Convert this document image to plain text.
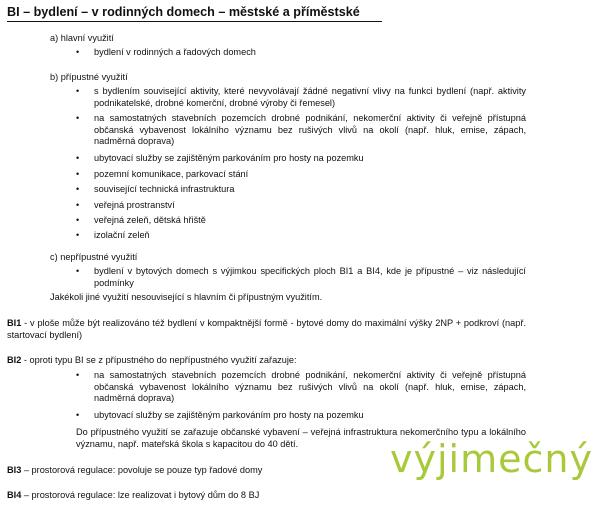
BI – bydlení – v rodinných domech – městské a příměstské
a) hlavní využití
• bydlení v rodinných a řadových domech
b) přípustné využití
• s bydlením související aktivity, které nevyvolávají žádné negativní vlivy na funkci bydlení (např. aktivity podnikatelské, drobné komerční, drobné výroby či řemesel)
• na samostatných stavebních pozemcích drobné podnikání, nekomerční aktivity či veřejně přístupná občanská vybavenost lokálního významu bez rušivých vlivů na okolí (např. hluk, emise, zápach, nadměrná doprava)
• ubytovací služby se zajištěným parkováním pro hosty na pozemku
• pozemní komunikace, parkovací stání
• související technická infrastruktura
• veřejná prostranství
• veřejná zeleň, dětská hřiště
• izolační zeleň
c) nepřípustné využití
• bydlení v bytových domech s výjimkou specifických ploch BI1 a BI4, kde je přípustné – viz následující podmínky
Jakékoli jiné využití nesouvisející s hlavním či přípustným využitím.
BI1 - v ploše může být realizováno též bydlení v kompaktnější formě - bytové domy do maximální výšky 2NP + podkroví (např. startovací bydlení)
BI2 - oproti typu BI se z přípustného do nepřípustného využití zařazuje:
• na samostatných stavebních pozemcích drobné podnikání, nekomerční aktivity či veřejně přístupná občanská vybavenost lokálního významu bez rušivých vlivů na okolí (např. hluk, emise, zápach, nadměrná doprava)
• ubytovací služby se zajištěným parkováním pro hosty na pozemku
Do přípustného využití se zařazuje občanské vybavení – veřejná infrastruktura nekomerčního typu a lokálního významu, např. mateřská škola s kapacitou do 40 dětí.
BI3 – prostorová regulace: povoluje se pouze typ řadové domy
BI4 – prostorová regulace: lze realizovat i bytový dům do 8 BJ
výjimečný
